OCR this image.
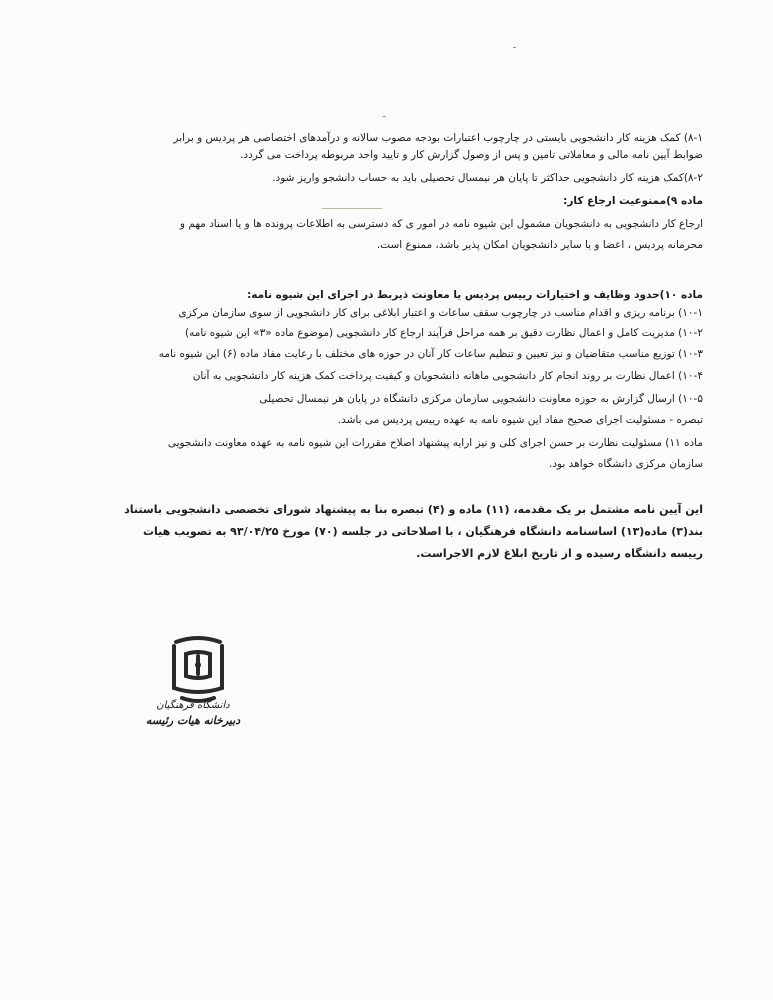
۸-۱) کمک هزینه کار دانشجویی بایستی در چارچوب اعتبارات بودجه مصوب سالانه و درآمدهای اختصاصی هر پردیس و برابر
ضوابط آیین نامه مالی و معاملاتی تامین و پس از وصول گزارش کار و تایید واحد مربوطه پرداخت می گردد.
۸-۲)کمک هزینه کار دانشجویی حداکثر تا پایان هر نیمسال تحصیلی باید به حساب دانشجو واریز شود.
ماده ۹)ممنوعیت ارجاع کار:
ارجاع کار دانشجویی به دانشجویان مشمول این شیوه نامه در امور ی که دسترسی به اطلاعات پرونده ها و یا اسناد مهم و
محرمانه پردیس ، اعضا و یا سایر دانشجویان امکان پذیر باشد، ممنوع است.
ماده ۱۰)حدود وظایف و اختیارات رییس پردیس یا معاونت ذیربط در اجرای این شیوه نامه:
۱۰-۱) برنامه ریزی و اقدام مناسب در چارچوب سقف ساعات و اعتبار ابلاغی برای کار دانشجویی از سوی سازمان مرکزی
۱۰-۲) مدیریت کامل و اعمال نظارت دقیق بر همه مراحل فرآیند ارجاع کار دانشجویی (موضوع ماده «۳» این شیوه نامه)
۱۰-۳) توزیع مناسب متقاضیان و نیز تعیین و تنظیم ساعات کار آنان در حوزه های مختلف با رعایت مفاد ماده (۶) این شیوه نامه
۱۰-۴) اعمال نظارت بر روند انجام کار دانشجویی ماهانه دانشجویان و کیفیت پرداخت کمک هزینه کار دانشجویی به آنان
۱۰-۵) ارسال گزارش به حوزه معاونت دانشجویی سازمان مرکزی دانشگاه در پایان هر نیمسال تحصیلی
تبصره - مسئولیت اجرای صحیح مفاد این شیوه نامه به عهده رییس پردیس می باشد.
ماده ۱۱) مسئولیت نظارت بر حسن اجرای کلی و نیز ارایه پیشنهاد اصلاح مقررات این شیوه نامه به عهده معاونت دانشجویی
سازمان مرکزی دانشگاه خواهد بود.
این آیین نامه مشتمل بر یک مقدمه، (۱۱) ماده و (۴) تبصره بنا به پیشنهاد شورای تخصصی دانشجویی باستناد
بند(۳) ماده(۱۳) اساسنامه دانشگاه فرهنگیان ، با اصلاحاتی در جلسه (۷۰) مورخ ۹۳/۰۴/۲۵ به تصویب هیات
رییسه دانشگاه رسیده و از تاریخ ابلاغ لازم الاجراست.
دانشگاه فرهنگیان
دبیرخانه هیات رئیسه
